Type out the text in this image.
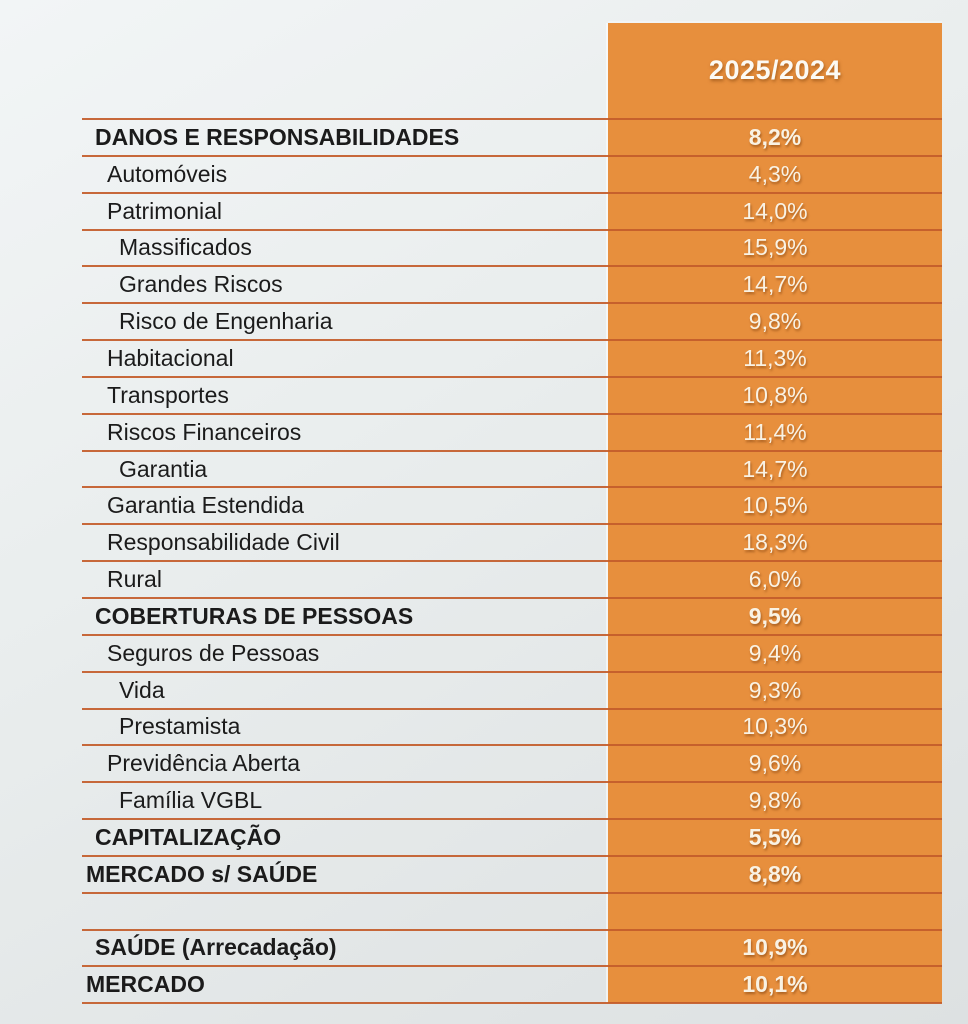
2025/2024
DANOS E RESPONSABILIDADES	8,2%
Automóveis	4,3%
Patrimonial	14,0%
Massificados	15,9%
Grandes Riscos	14,7%
Risco de Engenharia	9,8%
Habitacional	11,3%
Transportes	10,8%
Riscos Financeiros	11,4%
Garantia	14,7%
Garantia Estendida	10,5%
Responsabilidade Civil	18,3%
Rural	6,0%
COBERTURAS DE PESSOAS	9,5%
Seguros de Pessoas	9,4%
Vida	9,3%
Prestamista	10,3%
Previdência Aberta	9,6%
Família VGBL	9,8%
CAPITALIZAÇÃO	5,5%
MERCADO s/ SAÚDE	8,8%
SAÚDE (Arrecadação)	10,9%
MERCADO	10,1%
